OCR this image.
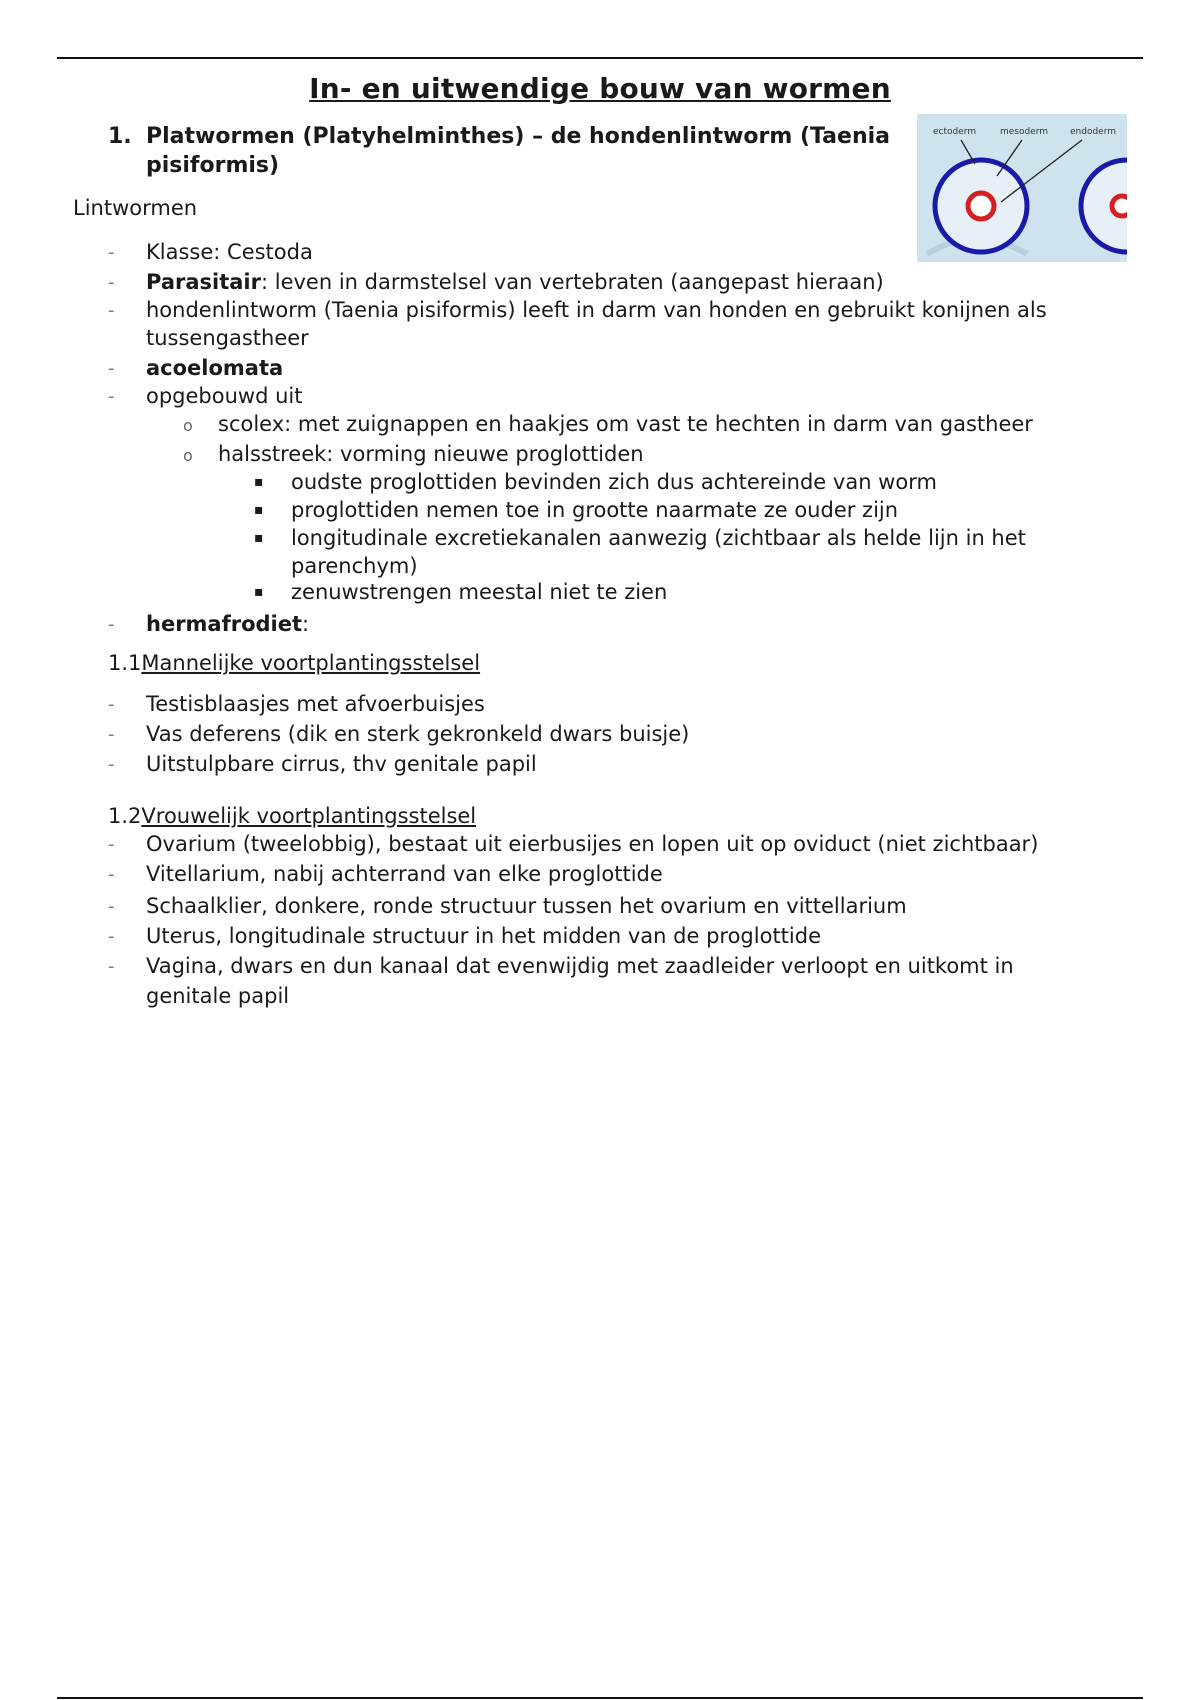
In- en uitwendige bouw van wormen
1. Platwormen (Platyhelminthes) – de hondenlintworm (Taenia pisiformis)
ectoderm	mesoderm endoderm
Lintwormen
- Klasse: Cestoda
- Parasitair: leven in darmstelsel van vertebraten (aangepast hieraan)
- hondenlintworm (Taenia pisiformis) leeft in darm van honden en gebruikt konijnen als
tussengastheer
- acoelomata
- opgebouwd uit
o scolex: met zuignappen en haakjes om vast te hechten in darm van gastheer
o halsstreek: vorming nieuwe proglottiden
▪ oudste proglottiden bevinden zich dus achtereinde van worm
▪ proglottiden nemen toe in grootte naarmate ze ouder zijn
▪ longitudinale excretiekanalen aanwezig (zichtbaar als helde lijn in het
parenchym)
▪ zenuwstrengen meestal niet te zien
- hermafrodiet:
1.1Mannelijke voortplantingsstelsel
- Testisblaasjes met afvoerbuisjes
- Vas deferens (dik en sterk gekronkeld dwars buisje)
- Uitstulpbare cirrus, thv genitale papil
1.2Vrouwelijk voortplantingsstelsel
- Ovarium (tweelobbig), bestaat uit eierbusijes en lopen uit op oviduct (niet zichtbaar)
- Vitellarium, nabij achterrand van elke proglottide
- Schaalklier, donkere, ronde structuur tussen het ovarium en vittellarium
- Uterus, longitudinale structuur in het midden van de proglottide
- Vagina, dwars en dun kanaal dat evenwijdig met zaadleider verloopt en uitkomt in
genitale papil
